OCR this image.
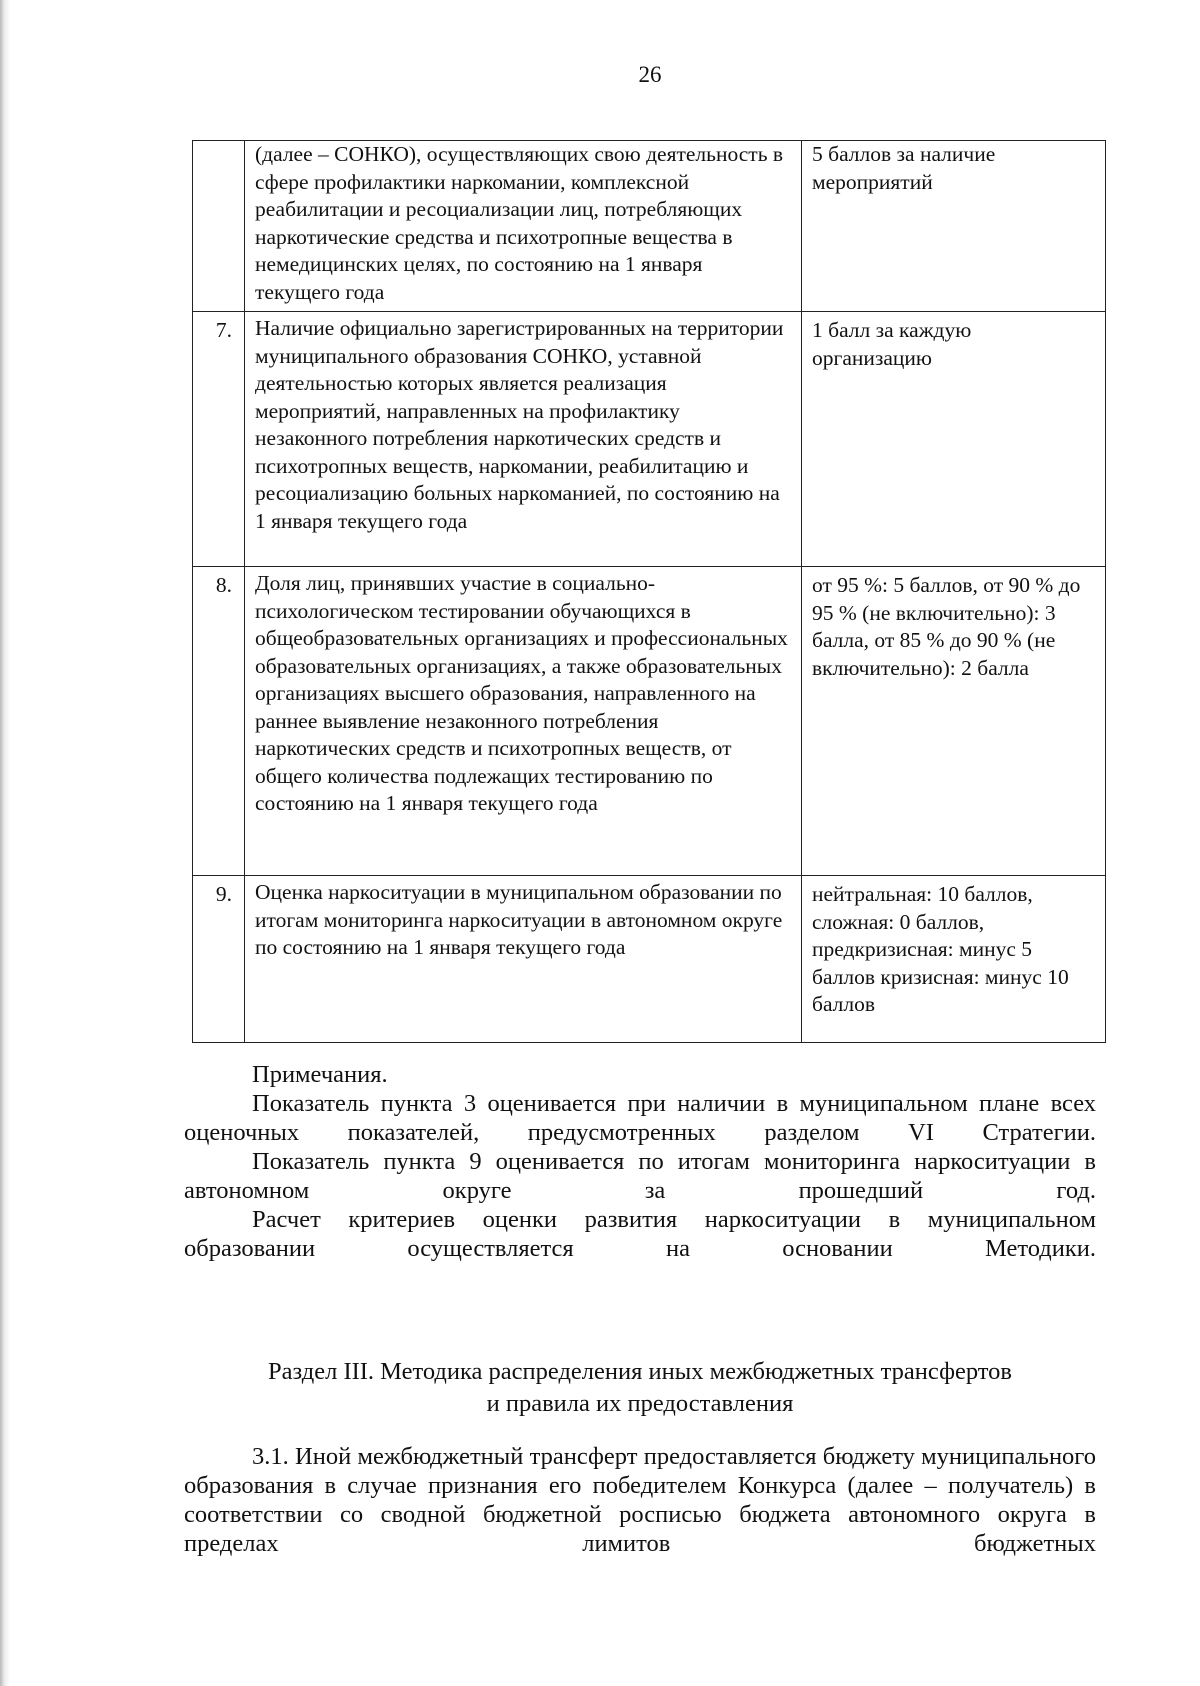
26
	(далее – СОНКО), осуществляющих свою деятельность в сфере профилактики наркомании, комплексной реабилитации и ресоциализации лиц, потребляющих наркотические средства и психотропные вещества в немедицинских целях, по состоянию на 1 января текущего года	5 баллов за наличие мероприятий
7.	Наличие официально зарегистрированных на территории муниципального образования СОНКО, уставной деятельностью которых является реализация мероприятий, направленных на профилактику незаконного потребления наркотических средств и психотропных веществ, наркомании, реабилитацию и ресоциализацию больных наркоманией, по состоянию на 1 января текущего года	1 балл за каждую организацию
8.	Доля лиц, принявших участие в социально-психологическом тестировании обучающихся в общеобразовательных организациях и профессиональных образовательных организациях, а также образовательных организациях высшего образования, направленного на раннее выявление незаконного потребления наркотических средств и психотропных веществ, от общего количества подлежащих тестированию по состоянию на 1 января текущего года	от 95 %: 5 баллов, от 90 % до 95 % (не включительно): 3 балла, от 85 % до 90 % (не включительно): 2 балла
9.	Оценка наркоситуации в муниципальном образовании по итогам мониторинга наркоситуации в автономном округе по состоянию на 1 января текущего года	нейтральная: 10 баллов, сложная: 0 баллов, предкризисная: минус 5 баллов кризисная: минус 10 баллов

Примечания.

Показатель пункта 3 оценивается при наличии в муниципальном плане всех оценочных показателей, предусмотренных разделом VI Стратегии.

Показатель пункта 9 оценивается по итогам мониторинга наркоситуации в автономном округе за прошедший год.

Расчет критериев оценки развития наркоситуации в муниципальном образовании осуществляется на основании Методики.

Раздел III. Методика распределения иных межбюджетных трансфертов
и правила их предоставления

3.1. Иной межбюджетный трансферт предоставляется бюджету муниципального образования в случае признания его победителем Конкурса (далее – получатель) в соответствии со сводной бюджетной росписью бюджета автономного округа в пределах лимитов бюджетных
